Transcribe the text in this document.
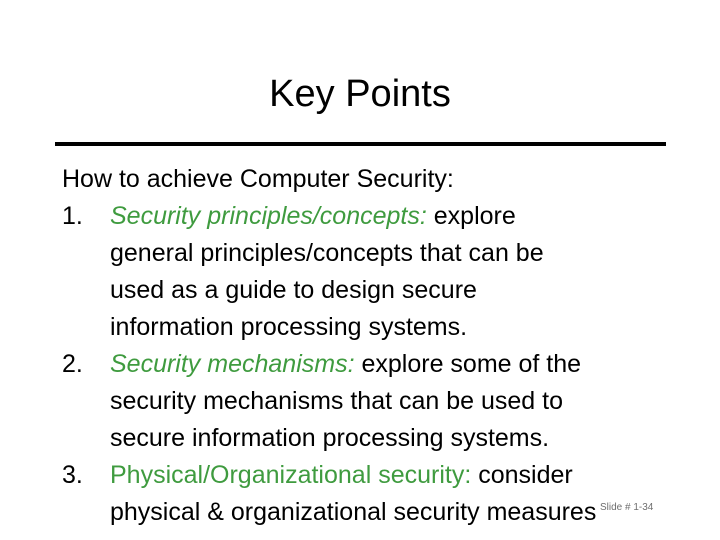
Key Points
How to achieve Computer Security:
1. Security principles/concepts: explore
general principles/concepts that can be
used as a guide to design secure
information processing systems.
2. Security mechanisms: explore some of the
security mechanisms that can be used to
secure information processing systems.
3. Physical/Organizational security: consider
physical & organizational security measures Slide # 1-34
